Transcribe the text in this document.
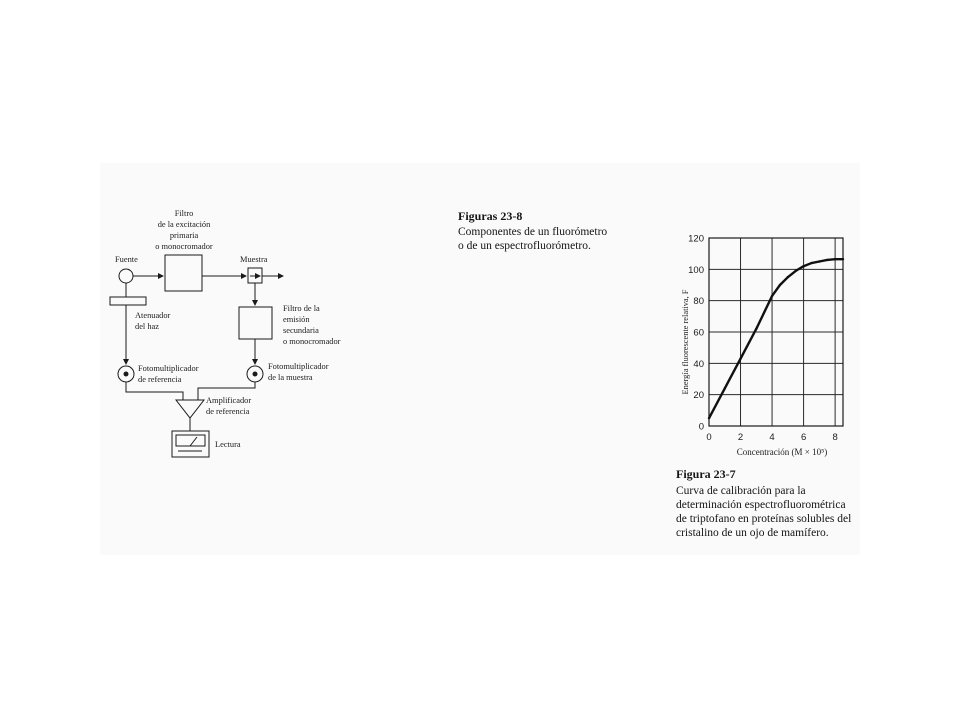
Fuente
Filtro
de la excitación
primaria
o monocromador
Muestra
Filtro de la
emisión
secundaria
o monocromador
Atenuador
del haz
Fotomultiplicador
de referencia
Fotomultiplicador
de la muestra
Amplificador
de referencia
Lectura
Figuras 23-8
Componentes de un fluorómetro
o de un espectrofluorómetro.
0	2	4	6	8
0
20
40
60
80
100
120
Concentración (M × 10⁵)
Energía fluorescente relativa, F
Figura 23-7
Curva de calibración para la
determinación espectrofluorométrica
de triptofano en proteínas solubles del
cristalino de un ojo de mamífero.
